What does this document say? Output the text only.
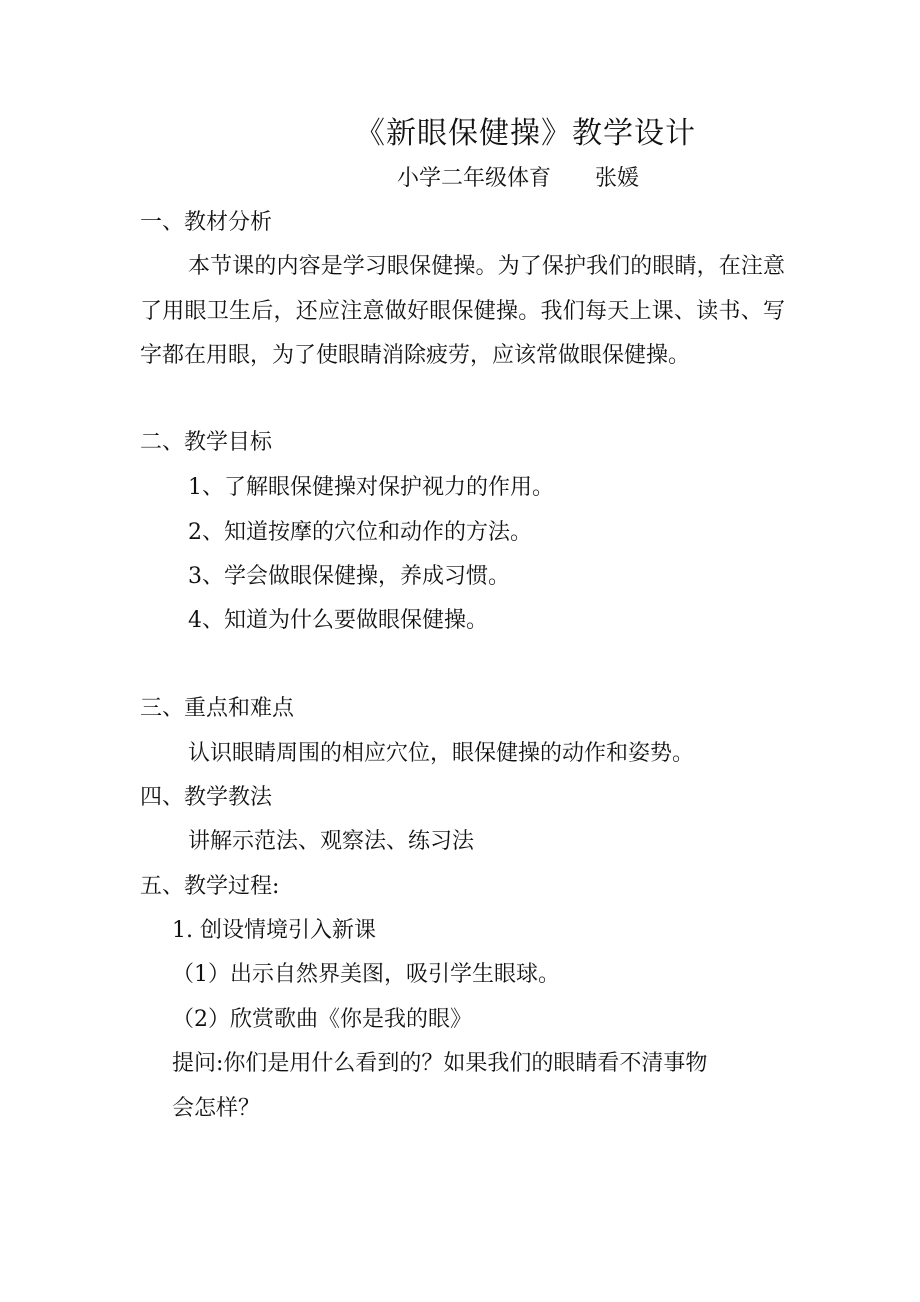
《新眼保健操》教学设计
小学二年级体育　　张媛
一、教材分析
本节课的内容是学习眼保健操。为了保护我们的眼睛，在注意了用眼卫生后，还应注意做好眼保健操。我们每天上课、读书、写字都在用眼，为了使眼睛消除疲劳，应该常做眼保健操。
二、教学目标
1、了解眼保健操对保护视力的作用。
2、知道按摩的穴位和动作的方法。
3、学会做眼保健操，养成习惯。
4、知道为什么要做眼保健操。
三、重点和难点
认识眼睛周围的相应穴位，眼保健操的动作和姿势。
四、教学教法
讲解示范法、观察法、练习法
五、教学过程:
1. 创设情境引入新课
（1）出示自然界美图，吸引学生眼球。
（2）欣赏歌曲《你是我的眼》
提问:你们是用什么看到的？如果我们的眼睛看不清事物
会怎样？
